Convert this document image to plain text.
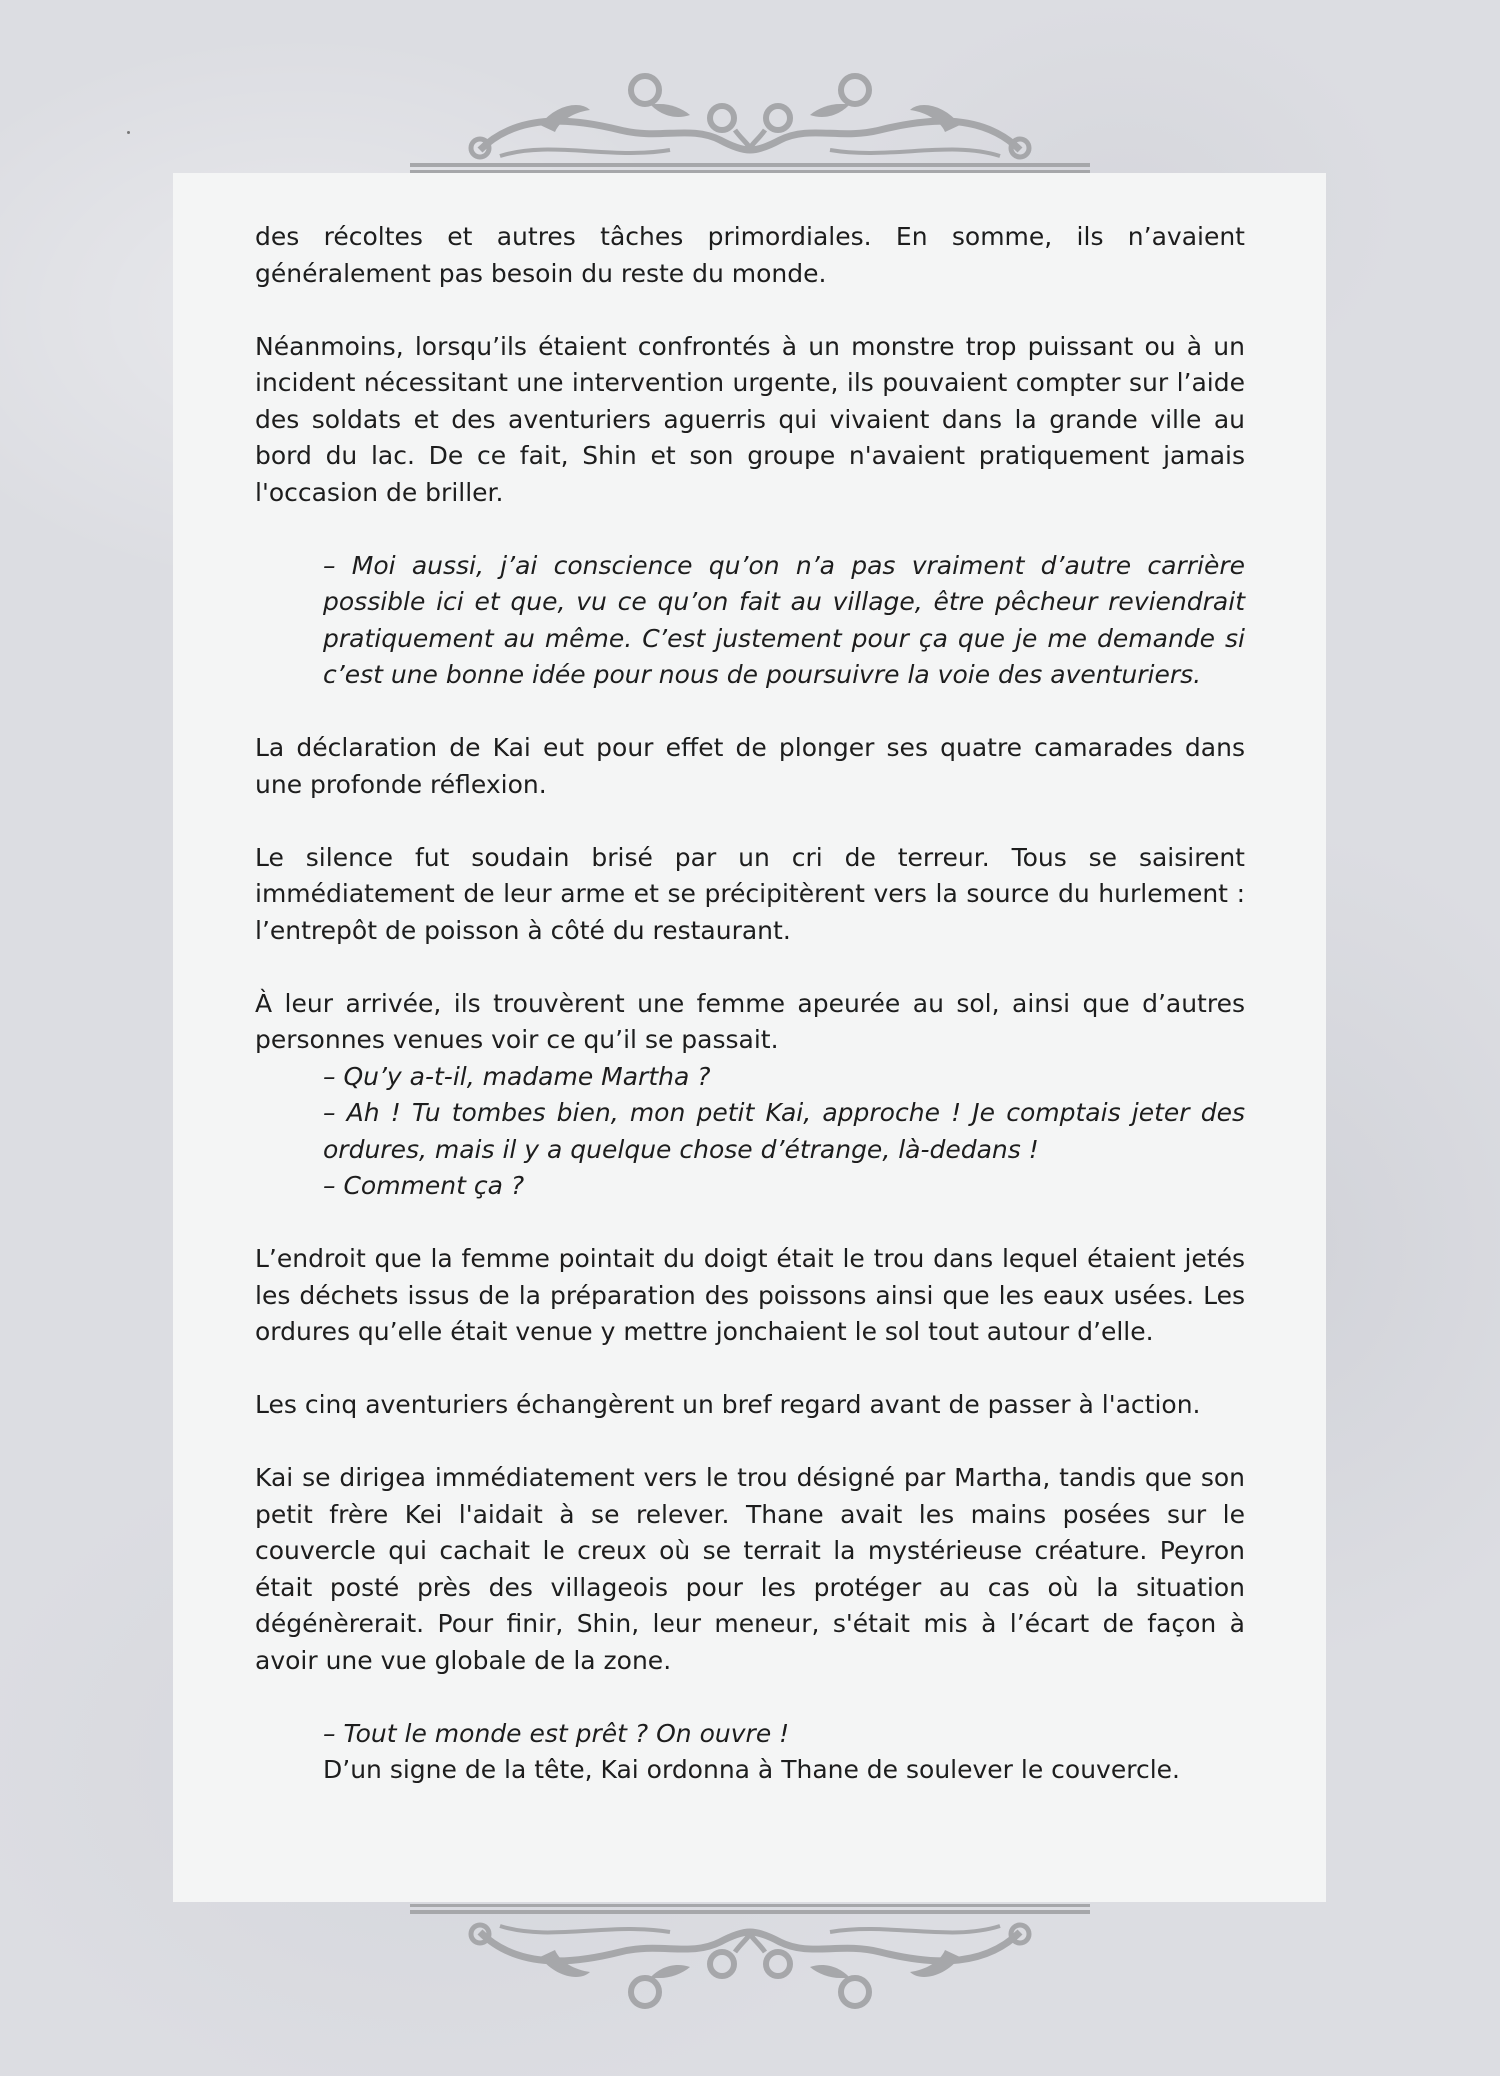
des récoltes et autres tâches primordiales. En somme, ils n’avaient généralement pas besoin du reste du monde.

Néanmoins, lorsqu’ils étaient confrontés à un monstre trop puissant ou à un incident nécessitant une intervention urgente, ils pouvaient compter sur l’aide des soldats et des aventuriers aguerris qui vivaient dans la grande ville au bord du lac. De ce fait, Shin et son groupe n'avaient pratiquement jamais l'occasion de briller.

– Moi aussi, j’ai conscience qu’on n’a pas vraiment d’autre carrière possible ici et que, vu ce qu’on fait au village, être pêcheur reviendrait pratiquement au même. C’est justement pour ça que je me demande si c’est une bonne idée pour nous de poursuivre la voie des aventuriers.

La déclaration de Kai eut pour effet de plonger ses quatre camarades dans une profonde réflexion.

Le silence fut soudain brisé par un cri de terreur. Tous se saisirent immédiatement de leur arme et se précipitèrent vers la source du hurlement : l’entrepôt de poisson à côté du restaurant.

À leur arrivée, ils trouvèrent une femme apeurée au sol, ainsi que d’autres personnes venues voir ce qu’il se passait.

– Qu’y a-t-il, madame Martha ?

– Ah ! Tu tombes bien, mon petit Kai, approche ! Je comptais jeter des ordures, mais il y a quelque chose d’étrange, là-dedans !

– Comment ça ?

L’endroit que la femme pointait du doigt était le trou dans lequel étaient jetés les déchets issus de la préparation des poissons ainsi que les eaux usées. Les ordures qu’elle était venue y mettre jonchaient le sol tout autour d’elle.

Les cinq aventuriers échangèrent un bref regard avant de passer à l'action.

Kai se dirigea immédiatement vers le trou désigné par Martha, tandis que son petit frère Kei l'aidait à se relever. Thane avait les mains posées sur le couvercle qui cachait le creux où se terrait la mystérieuse créature. Peyron était posté près des villageois pour les protéger au cas où la situation dégénèrerait. Pour finir, Shin, leur meneur, s'était mis à l’écart de façon à avoir une vue globale de la zone.

– Tout le monde est prêt ? On ouvre !

D’un signe de la tête, Kai ordonna à Thane de soulever le couvercle.
